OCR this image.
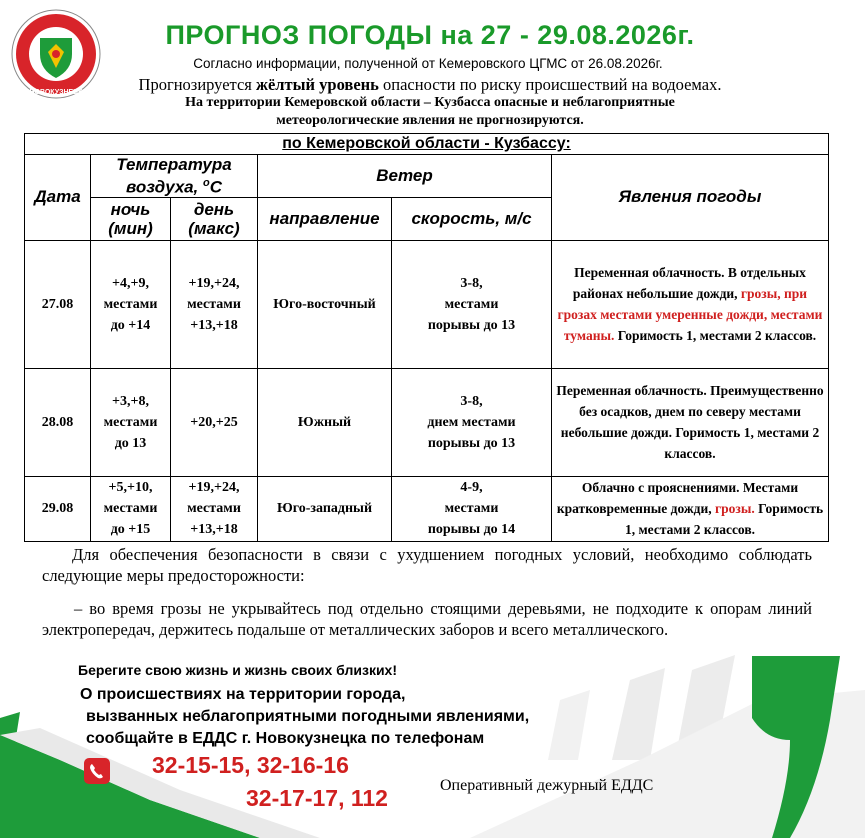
НОВОКУЗНЕЦК
ПРОГНОЗ ПОГОДЫ на 27 - 29.08.2026г.
Согласно информации, полученной от Кемеровского ЦГМС от 26.08.2026г.
Прогнозируется жёлтый уровень опасности по риску происшествий на водоемах.
На территории Кемеровской области – Кузбасса опасные и неблагоприятные
метеорологические явления не прогнозируются.
по Кемеровской области - Кузбассу:					
Дата	Температура
воздуха, $^о$С		Ветер		Явления погоды
	ночь
(мин)	день
(макс)	направление	скорость, м/с	
27.08	+4,+9,
местами
до +14	+19,+24,
местами
+13,+18	Юго-восточный	3-8,
местами
порывы до 13	Переменная облачность. В отдельных районах небольшие дожди, грозы, при грозах местами умеренные дожди, местами туманы. Горимость 1, местами 2 классов.
28.08	+3,+8,
местами
до 13	+20,+25	Южный	3-8,
днем местами
порывы до 13	Переменная облачность. Преимущественно без осадков, днем по северу местами небольшие дожди. Горимость 1, местами 2 классов.
29.08	+5,+10,
местами
до +15	+19,+24,
местами
+13,+18	Юго-западный	4-9,
местами
порывы до 14	Облачно с прояснениями. Местами кратковременные дожди, грозы. Горимость 1, местами 2 классов.
Для обеспечения безопасности в связи с ухудшением погодных условий, необходимо соблюдать следующие меры предосторожности:
– во время грозы не укрывайтесь под отдельно стоящими деревьями, не подходите к опорам линий электропередач, держитесь подальше от металлических заборов и всего металлического.
Берегите свою жизнь и жизнь своих близких!
О происшествиях на территории города,
вызванных неблагоприятными погодными явлениями,
сообщайте в ЕДДС г. Новокузнецка по телефонам
32-15-15, 32-16-16
32-17-17, 112	Оперативный дежурный ЕДДС
